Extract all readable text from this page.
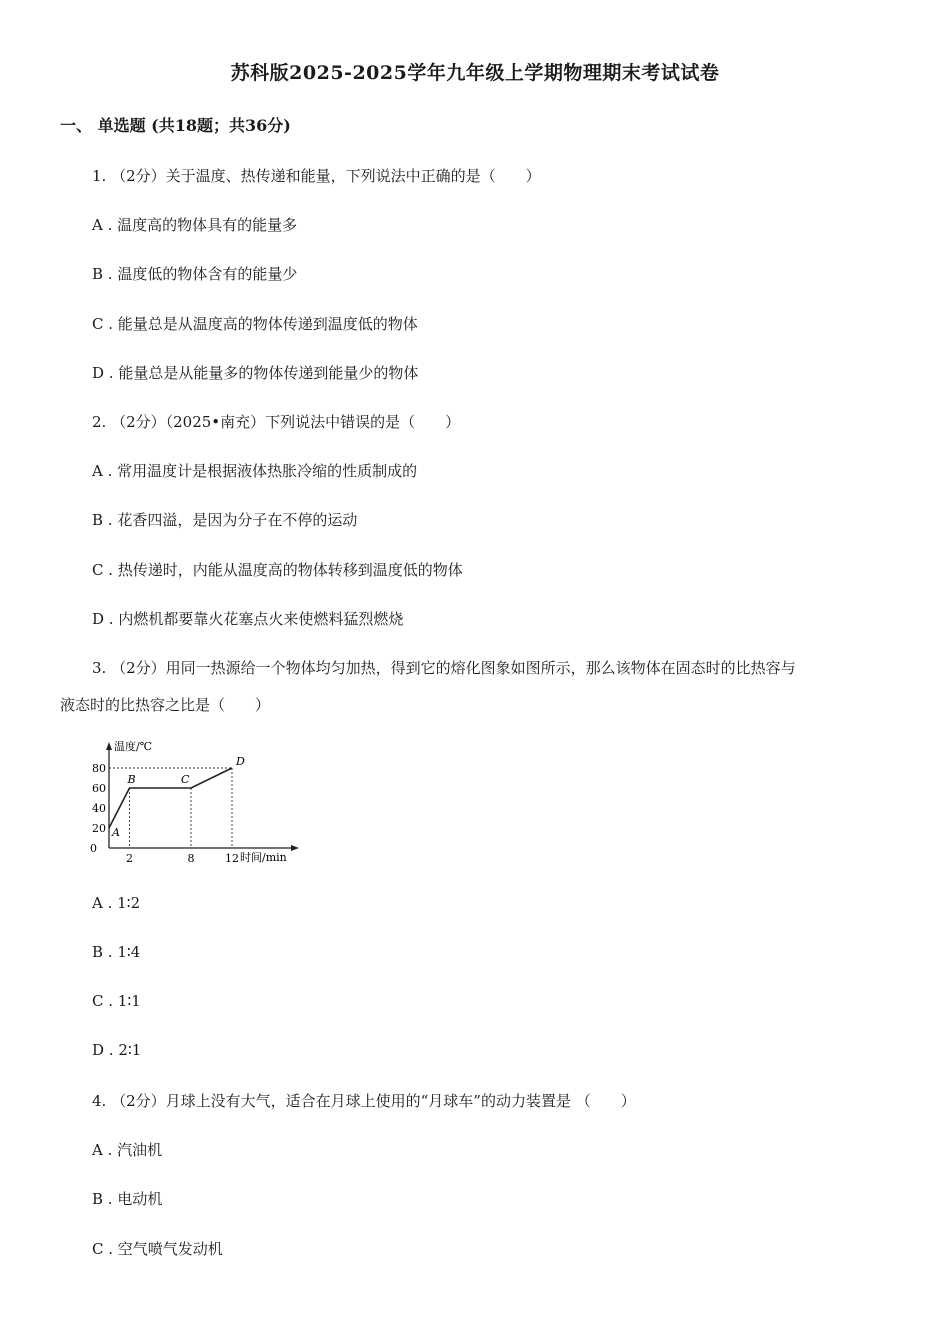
苏科版2025-2025学年九年级上学期物理期末考试试卷
一、 单选题 (共18题；共36分)
1. （2分）关于温度、热传递和能量，下列说法中正确的是（　　）
A . 温度高的物体具有的能量多
B . 温度低的物体含有的能量少
C . 能量总是从温度高的物体传递到温度低的物体
D . 能量总是从能量多的物体传递到能量少的物体
2. （2分）（2025•南充）下列说法中错误的是（　　）
A . 常用温度计是根据液体热胀冷缩的性质制成的
B . 花香四溢，是因为分子在不停的运动
C . 热传递时，内能从温度高的物体转移到温度低的物体
D . 内燃机都要靠火花塞点火来使燃料猛烈燃烧
3. （2分）用同一热源给一个物体均匀加热，得到它的熔化图象如图所示，那么该物体在固态时的比热容与
液态时的比热容之比是（　　）
温度/℃
时间/min
20
40
60
80
0
2	8	12
A
B	C
D
A . 1∶2
B . 1∶4
C . 1∶1
D . 2∶1
4. （2分）月球上没有大气，适合在月球上使用的“月球车”的动力装置是 （　　）
A . 汽油机
B . 电动机
C . 空气喷气发动机
